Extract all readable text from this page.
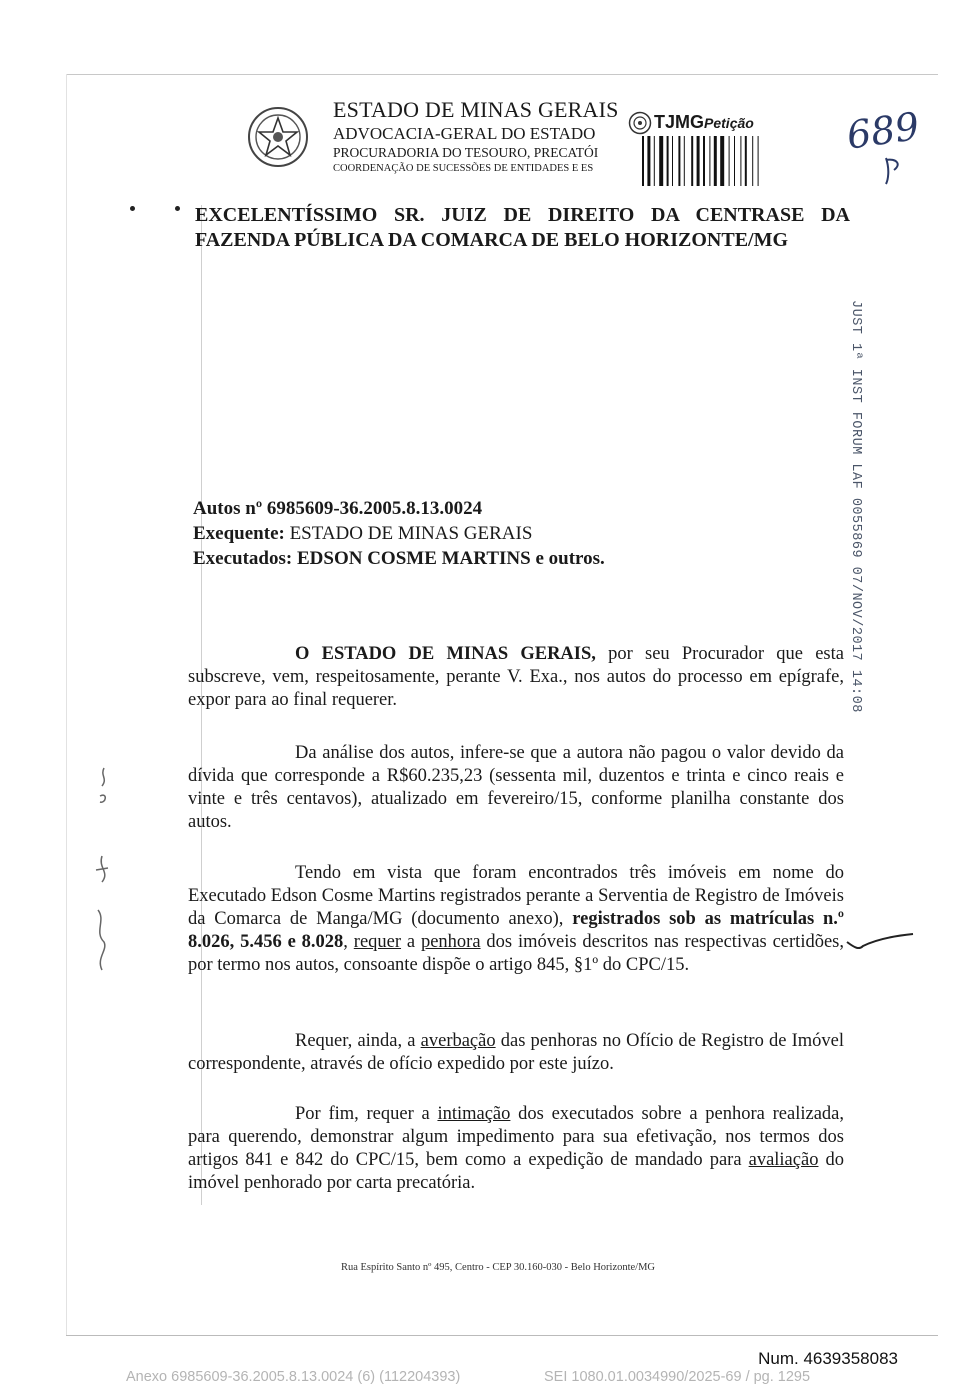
ESTADO DE MINAS GERAIS
ADVOCACIA-GERAL DO ESTADO
PROCURADORIA DO TESOURO, PRECATÓI
COORDENAÇÃO DE SUCESSÕES DE ENTIDADES E ES
TJMGPetição 689
EXCELENTÍSSIMO SR. JUIZ DE DIREITO DA CENTRASE DA
FAZENDA PÚBLICA DA COMARCA DE BELO HORIZONTE/MG
JUST 1ª INST FORUM LAF 0055869 07/NOV/2017 14:08
Autos nº 6985609-36.2005.8.13.0024
Exequente: ESTADO DE MINAS GERAIS
Executados: EDSON COSME MARTINS e outros.

O ESTADO DE MINAS GERAIS, por seu Procurador que esta subscreve, vem, respeitosamente, perante V. Exa., nos autos do processo em epígrafe, expor para ao final requerer.

Da análise dos autos, infere-se que a autora não pagou o valor devido da dívida que corresponde a R$60.235,23 (sessenta mil, duzentos e trinta e cinco reais e vinte e três centavos), atualizado em fevereiro/15, conforme planilha constante dos autos.

Tendo em vista que foram encontrados três imóveis em nome do Executado Edson Cosme Martins registrados perante a Serventia de Registro de Imóveis da Comarca de Manga/MG (documento anexo), registrados sob as matrículas n.º 8.026, 5.456 e 8.028, requer a penhora dos imóveis descritos nas respectivas certidões, por termo nos autos, consoante dispõe o artigo 845, §1º do CPC/15.

Requer, ainda, a averbação das penhoras no Ofício de Registro de Imóvel correspondente, através de ofício expedido por este juízo.

Por fim, requer a intimação dos executados sobre a penhora realizada, para querendo, demonstrar algum impedimento para sua efetivação, nos termos dos artigos 841 e 842 do CPC/15, bem como a expedição de mandado para avaliação do imóvel penhorado por carta precatória.

Rua Espírito Santo nº 495, Centro - CEP 30.160-030 - Belo Horizonte/MG
Num. 4639358083
Anexo 6985609-36.2005.8.13.0024 (6) (112204393)	SEI 1080.01.0034990/2025-69 / pg. 1295
